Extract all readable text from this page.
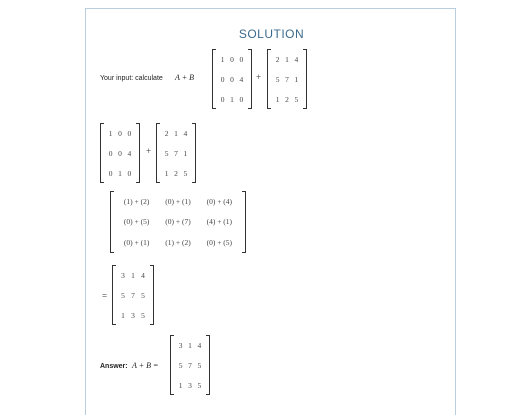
SOLUTION
Your input: calculate A + B
1 0 0
0 0 4
0 1 0
+
2 1 4
5 7 1
1 2 5
1 0 0
0 0 4
0 1 0
+
2 1 4
5 7 1
1 2 5
(1) + (2)	(0) + (1)	(0) + (4)
(0) + (5)	(0) + (7)	(4) + (1)
(0) + (1)	(1) + (2)	(0) + (5)
=
3 1 4
5 7 5
1 3 5
Answer: A + B =
3 1 4
5 7 5
1 3 5
